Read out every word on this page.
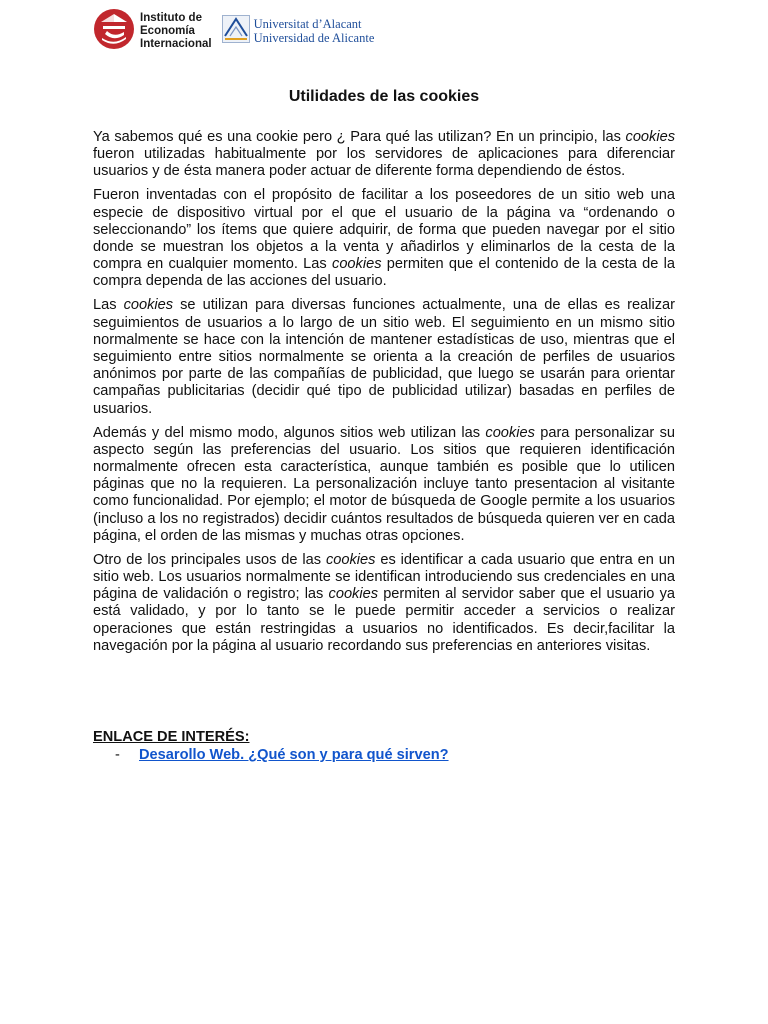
Instituto de
Economía
Internacional
Universitat d’Alacant
Universidad de Alicante
Utilidades de las cookies

Ya sabemos qué es una cookie pero ¿ Para qué las utilizan? En un principio, las cookies fueron utilizadas habitualmente por los servidores de aplicaciones para diferenciar usuarios y de ésta manera poder actuar de diferente forma dependiendo de éstos.

Fueron inventadas con el propósito de facilitar a los poseedores de un sitio web una especie de dispositivo virtual por el que el usuario de la página va “ordenando o seleccionando” los ítems que quiere adquirir, de forma que pueden navegar por el sitio donde se muestran los objetos a la venta y añadirlos y eliminarlos de la cesta de la compra en cualquier momento. Las cookies permiten que el contenido de la cesta de la compra dependa de las acciones del usuario.

Las cookies se utilizan para diversas funciones actualmente, una de ellas es realizar seguimientos de usuarios a lo largo de un sitio web. El seguimiento en un mismo sitio normalmente se hace con la intención de mantener estadísticas de uso, mientras que el seguimiento entre sitios normalmente se orienta a la creación de perfiles de usuarios anónimos por parte de las compañías de publicidad, que luego se usarán para orientar campañas publicitarias (decidir qué tipo de publicidad utilizar) basadas en perfiles de usuarios.

Además y del mismo modo, algunos sitios web utilizan las cookies para personalizar su aspecto según las preferencias del usuario. Los sitios que requieren identificación normalmente ofrecen esta característica, aunque también es posible que lo utilicen páginas que no la requieren. La personalización incluye tanto presentacion al visitante como funcionalidad. Por ejemplo; el motor de búsqueda de Google permite a los usuarios (incluso a los no registrados) decidir cuántos resultados de búsqueda quieren ver en cada página, el orden de las mismas y muchas otras opciones.

Otro de los principales usos de las cookies es identificar a cada usuario que entra en un sitio web. Los usuarios normalmente se identifican introduciendo sus credenciales en una página de validación o registro; las cookies permiten al servidor saber que el usuario ya está validado, y por lo tanto se le puede permitir acceder a servicios o realizar operaciones que están restringidas a usuarios no identificados. Es decir,facilitar la navegación por la página al usuario recordando sus preferencias en anteriores visitas.

ENLACE DE INTERÉS:
-	Desarollo Web. ¿Qué son y para qué sirven?
